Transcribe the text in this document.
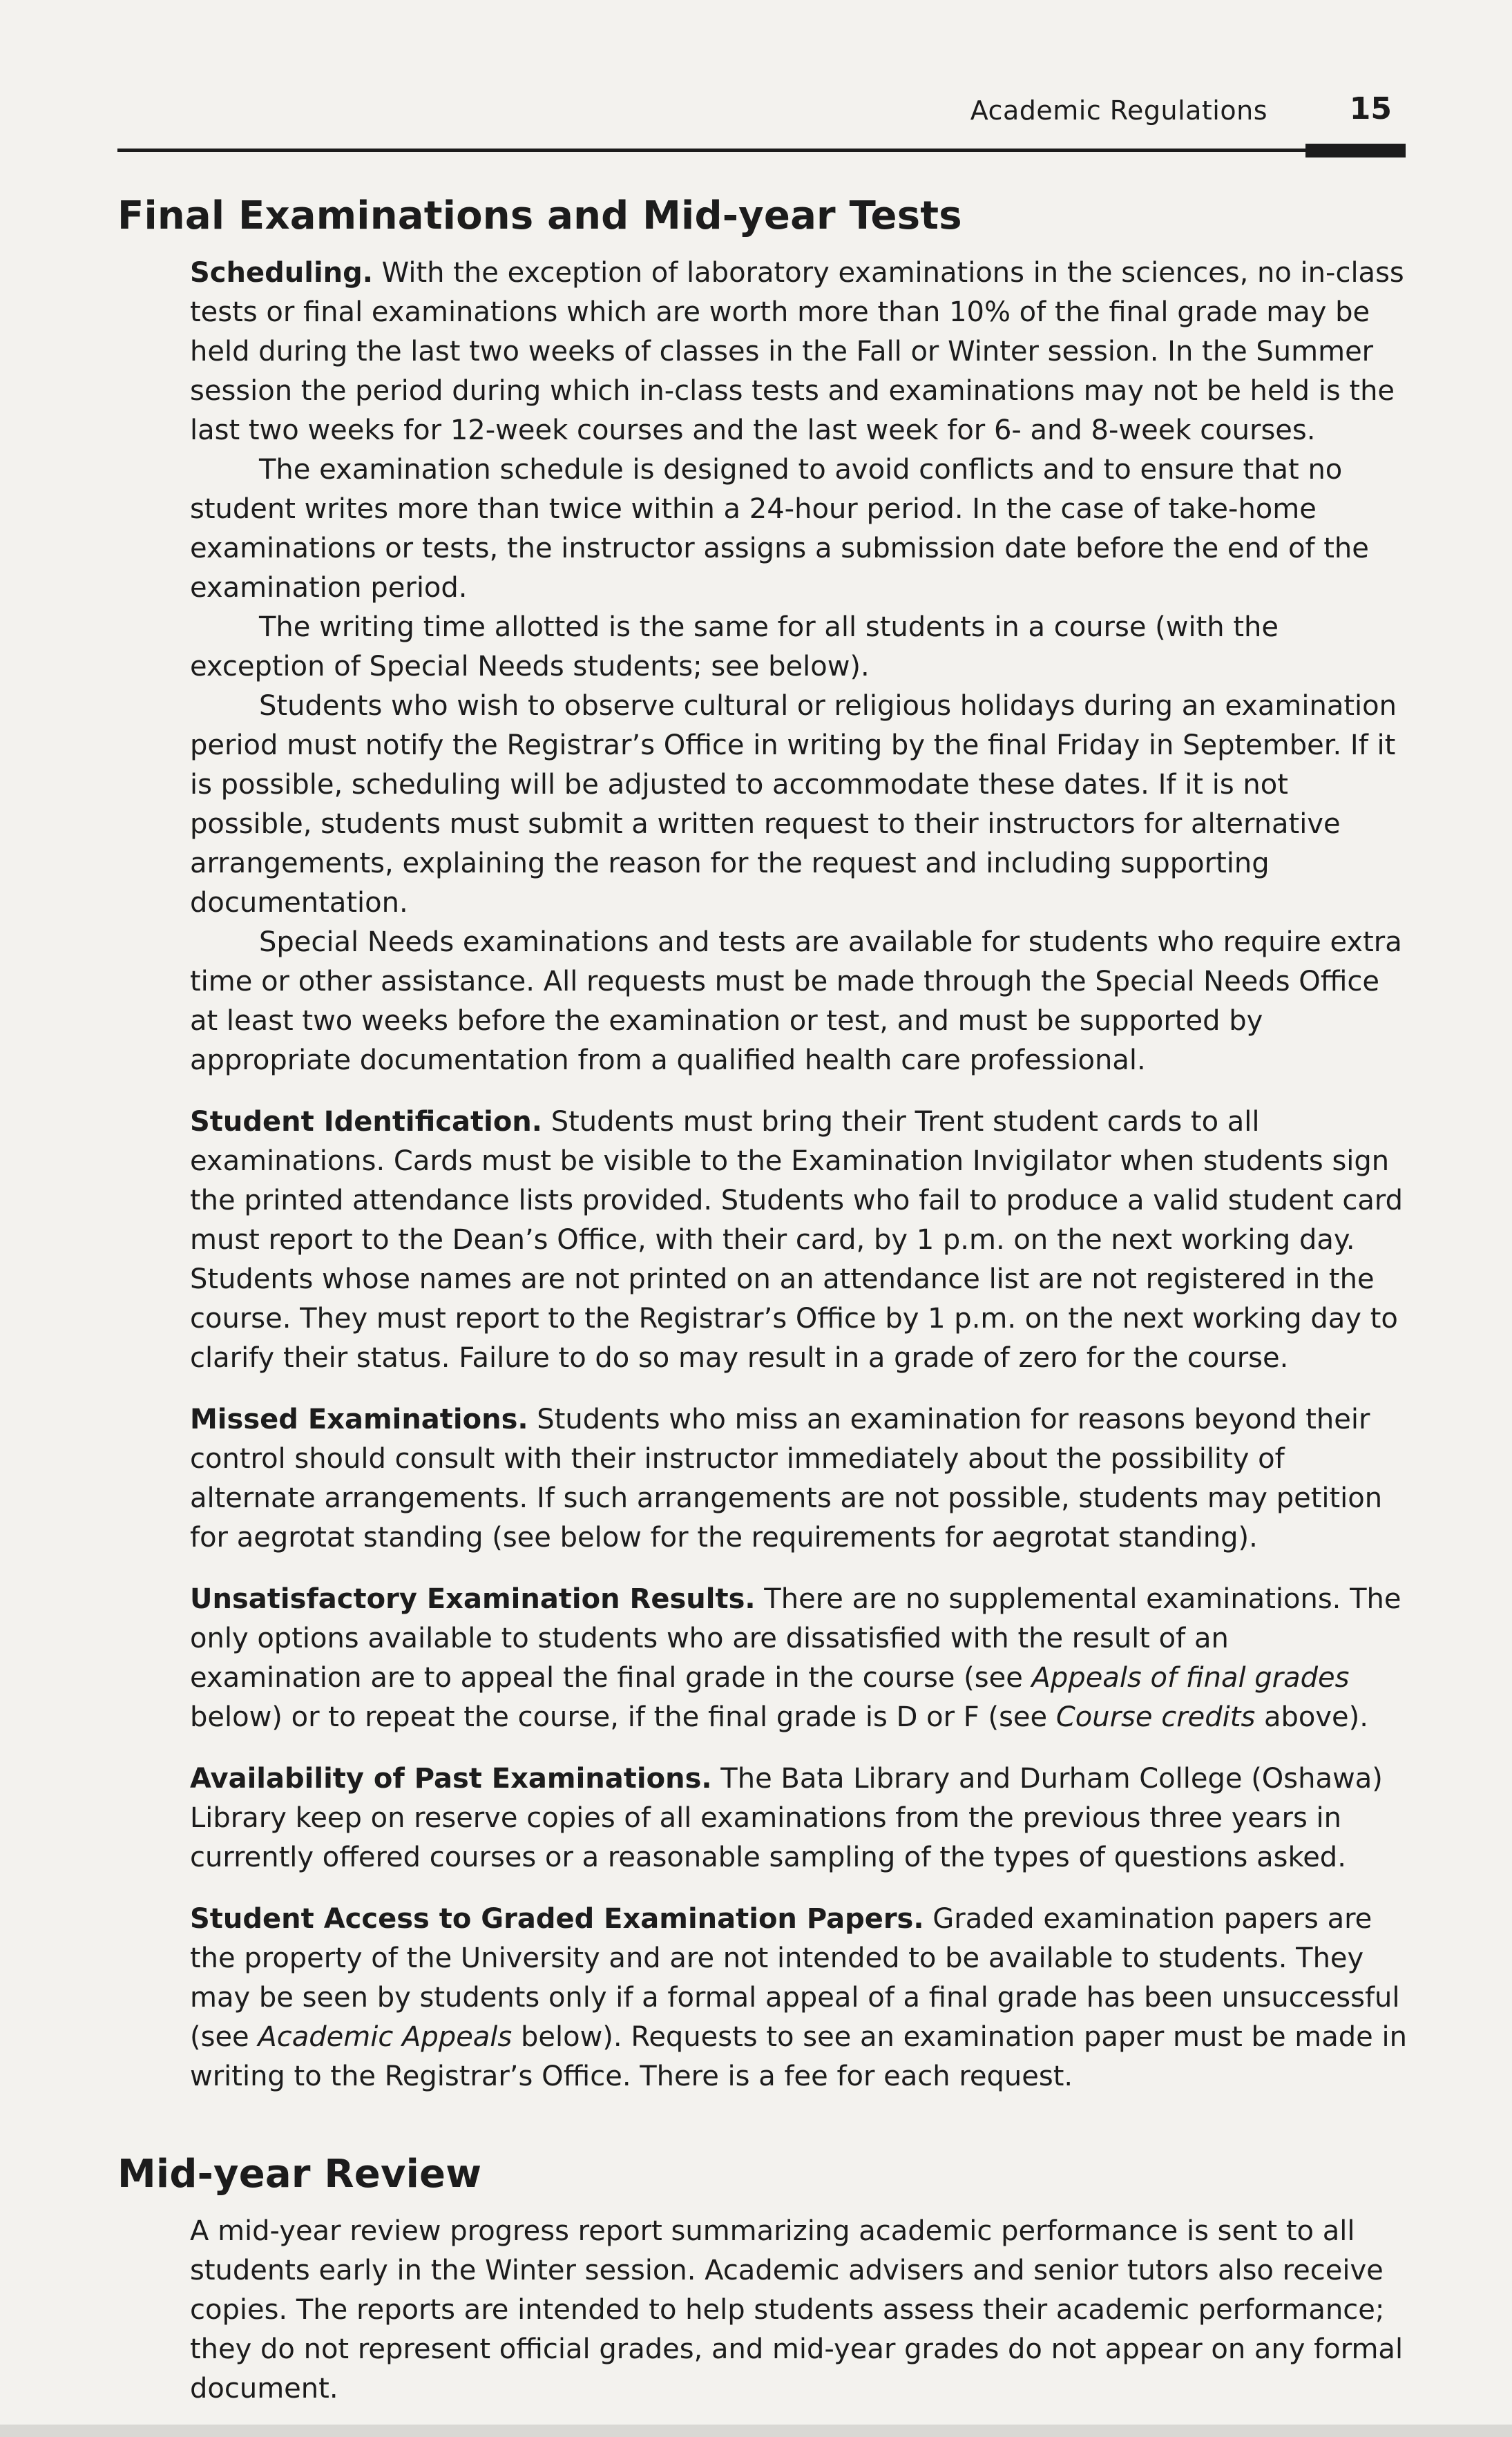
Academic Regulations	15
Final Examinations and Mid-year Tests

Scheduling. With the exception of laboratory examinations in the sciences, no in-class tests or final examinations which are worth more than 10% of the final grade may be held during the last two weeks of classes in the Fall or Winter session. In the Summer session the period during which in-class tests and examinations may not be held is the last two weeks for 12-week courses and the last week for 6- and 8-week courses.

The examination schedule is designed to avoid conflicts and to ensure that no student writes more than twice within a 24-hour period. In the case of take-home examinations or tests, the instructor assigns a submission date before the end of the examination period.

The writing time allotted is the same for all students in a course (with the exception of Special Needs students; see below).

Students who wish to observe cultural or religious holidays during an examination period must notify the Registrar’s Office in writing by the final Friday in September. If it is possible, scheduling will be adjusted to accommodate these dates. If it is not possible, students must submit a written request to their instructors for alternative arrangements, explaining the reason for the request and including supporting documentation.

Special Needs examinations and tests are available for students who require extra time or other assistance. All requests must be made through the Special Needs Office at least two weeks before the examination or test, and must be supported by appropriate documentation from a qualified health care professional.

Student Identification. Students must bring their Trent student cards to all examinations. Cards must be visible to the Examination Invigilator when students sign the printed attendance lists provided. Students who fail to produce a valid student card must report to the Dean’s Office, with their card, by 1 p.m. on the next working day. Students whose names are not printed on an attendance list are not registered in the course. They must report to the Registrar’s Office by 1 p.m. on the next working day to clarify their status. Failure to do so may result in a grade of zero for the course.

Missed Examinations. Students who miss an examination for reasons beyond their control should consult with their instructor immediately about the possibility of alternate arrangements. If such arrangements are not possible, students may petition for aegrotat standing (see below for the requirements for aegrotat standing).

Unsatisfactory Examination Results. There are no supplemental examinations. The only options available to students who are dissatisfied with the result of an examination are to appeal the final grade in the course (see Appeals of final grades below) or to repeat the course, if the final grade is D or F (see Course credits above).

Availability of Past Examinations. The Bata Library and Durham College (Oshawa) Library keep on reserve copies of all examinations from the previous three years in currently offered courses or a reasonable sampling of the types of questions asked.

Student Access to Graded Examination Papers. Graded examination papers are the property of the University and are not intended to be available to students. They may be seen by students only if a formal appeal of a final grade has been unsuccessful (see Academic Appeals below). Requests to see an examination paper must be made in writing to the Registrar’s Office. There is a fee for each request.

Mid-year Review

A mid-year review progress report summarizing academic performance is sent to all students early in the Winter session. Academic advisers and senior tutors also receive copies. The reports are intended to help students assess their academic performance; they do not represent official grades, and mid-year grades do not appear on any formal document.
